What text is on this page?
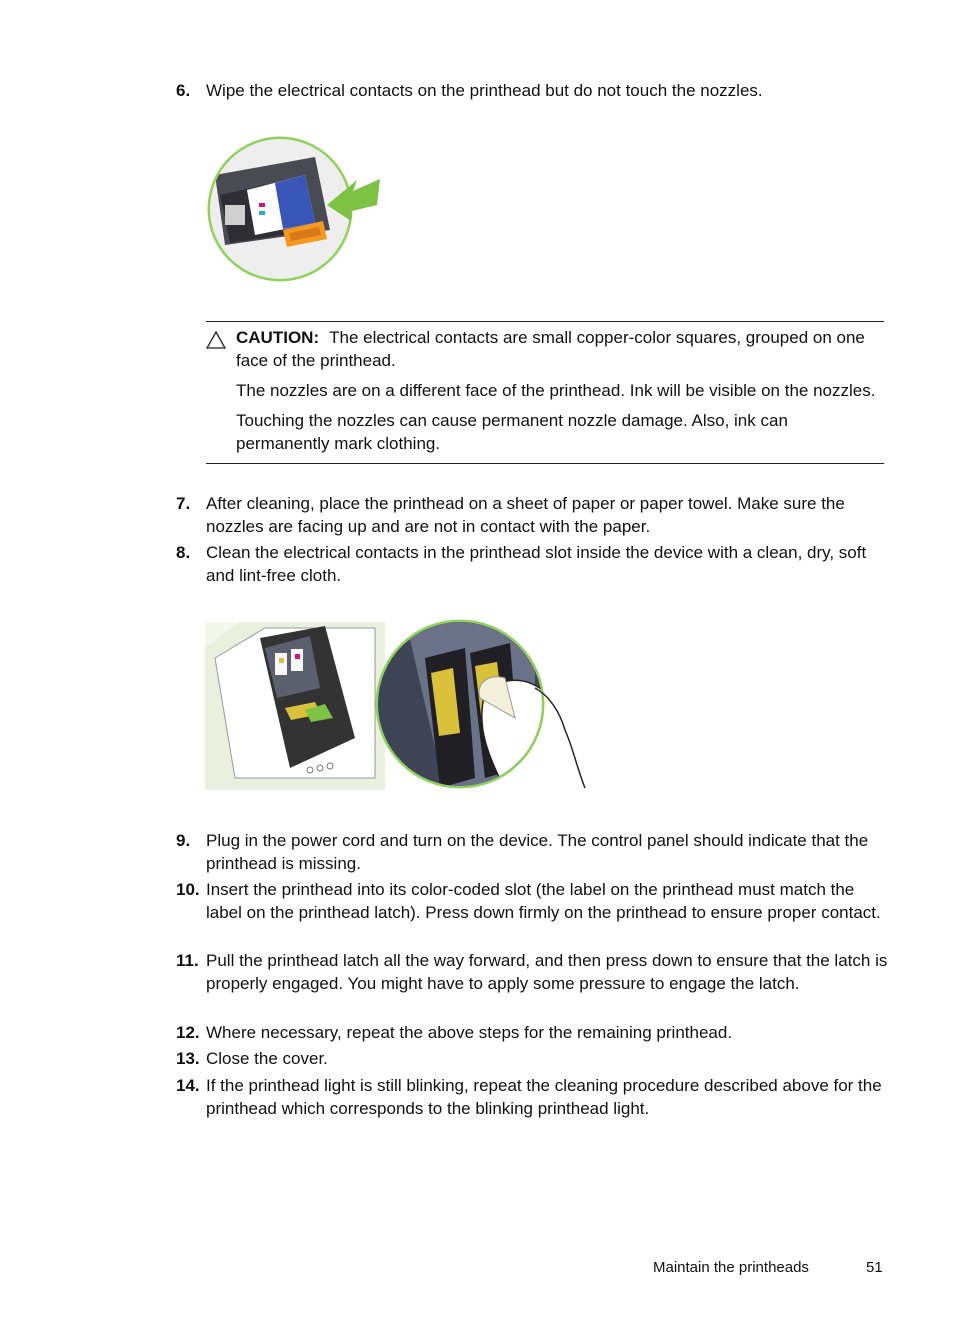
6. Wipe the electrical contacts on the printhead but do not touch the nozzles.

CAUTION: The electrical contacts are small copper-color squares, grouped on one face of the printhead.

The nozzles are on a different face of the printhead. Ink will be visible on the nozzles.

Touching the nozzles can cause permanent nozzle damage. Also, ink can permanently mark clothing.

7. After cleaning, place the printhead on a sheet of paper or paper towel. Make sure the nozzles are facing up and are not in contact with the paper.
8. Clean the electrical contacts in the printhead slot inside the device with a clean, dry, soft and lint-free cloth.
9. Plug in the power cord and turn on the device. The control panel should indicate that the printhead is missing.
10. Insert the printhead into its color-coded slot (the label on the printhead must match the label on the printhead latch). Press down firmly on the printhead to ensure proper contact.
11. Pull the printhead latch all the way forward, and then press down to ensure that the latch is properly engaged. You might have to apply some pressure to engage the latch.
12. Where necessary, repeat the above steps for the remaining printhead.
13. Close the cover.
14. If the printhead light is still blinking, repeat the cleaning procedure described above for the printhead which corresponds to the blinking printhead light.
Maintain the printheads	51
